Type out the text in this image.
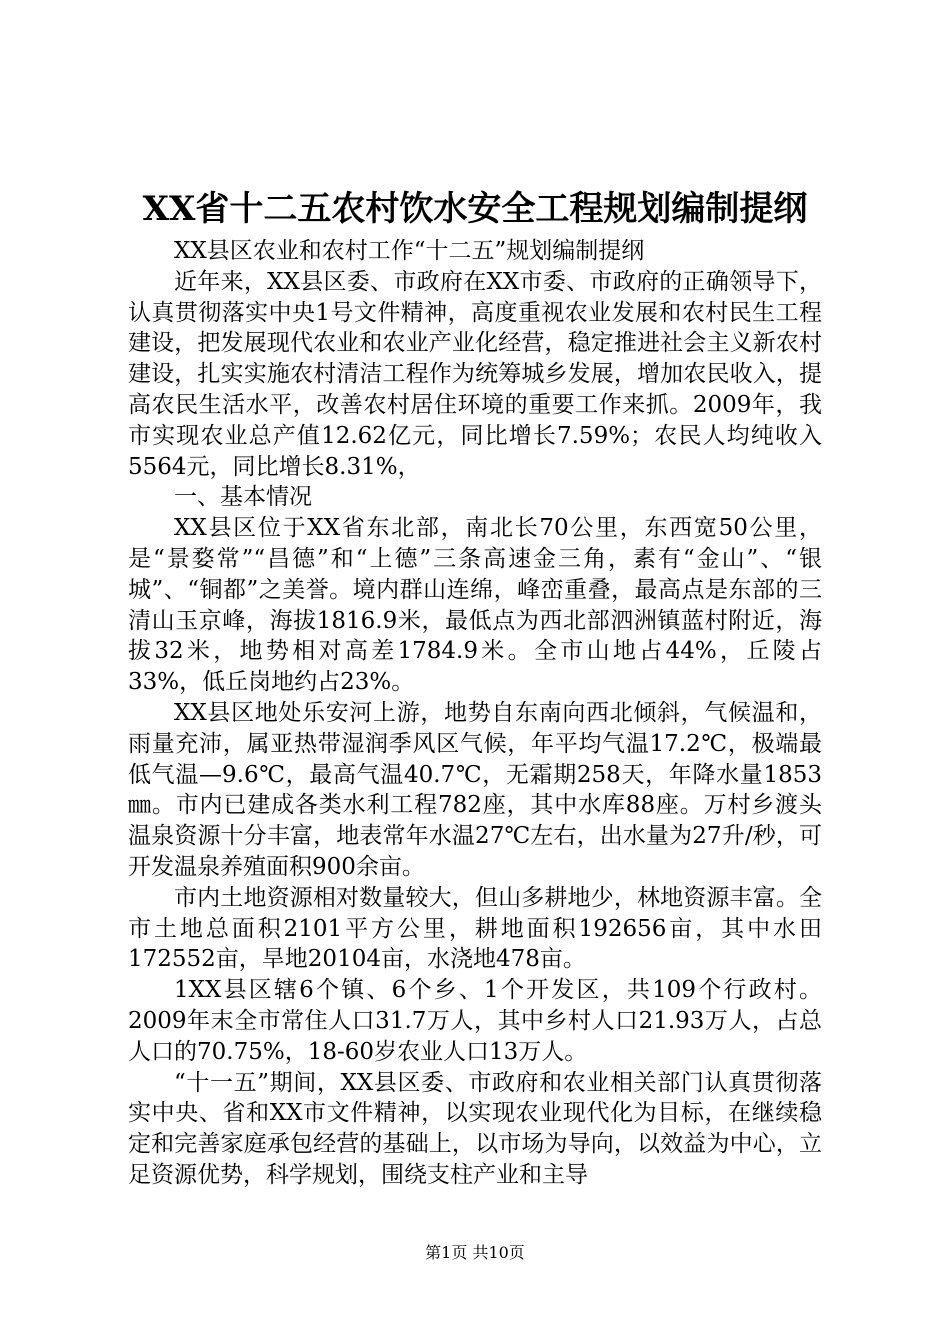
XX省十二五农村饮水安全工程规划编制提纲

XX县区农业和农村工作“十二五”规划编制提纲

近年来，XX县区委、市政府在XX市委、市政府的正确领导下，认真贯彻落实中央1号文件精神，高度重视农业发展和农村民生工程建设，把发展现代农业和农业产业化经营，稳定推进社会主义新农村建设，扎实实施农村清洁工程作为统筹城乡发展，增加农民收入，提高农民生活水平，改善农村居住环境的重要工作来抓。2009年，我市实现农业总产值12.62亿元，同比增长7.59%；农民人均纯收入5564元，同比增长8.31%，

一、基本情况

XX县区位于XX省东北部，南北长70公里，东西宽50公里，是“景婺常”“昌德”和“上德”三条高速金三角，素有“金山”、“银城”、“铜都”之美誉。境内群山连绵，峰峦重叠，最高点是东部的三清山玉京峰，海拔1816.9米，最低点为西北部泗洲镇蓝村附近，海拔32米，地势相对高差1784.9米。全市山地占44%，丘陵占33%，低丘岗地约占23%。

XX县区地处乐安河上游，地势自东南向西北倾斜，气候温和，雨量充沛，属亚热带湿润季风区气候，年平均气温17.2℃，极端最低气温—9.6℃，最高气温40.7℃，无霜期258天，年降水量1853㎜。市内已建成各类水利工程782座，其中水库88座。万村乡渡头温泉资源十分丰富，地表常年水温27℃左右，出水量为27升/秒，可开发温泉养殖面积900余亩。

市内土地资源相对数量较大，但山多耕地少，林地资源丰富。全市土地总面积2101平方公里，耕地面积192656亩，其中水田172552亩，旱地20104亩，水浇地478亩。

1XX县区辖6个镇、6个乡、1个开发区，共109个行政村。2009年末全市常住人口31.7万人，其中乡村人口21.93万人，占总人口的70.75%，18-60岁农业人口13万人。

“十一五”期间，XX县区委、市政府和农业相关部门认真贯彻落实中央、省和XX市文件精神，以实现农业现代化为目标，在继续稳定和完善家庭承包经营的基础上，以市场为导向，以效益为中心，立足资源优势，科学规划，围绕支柱产业和主导

第1页 共10页
